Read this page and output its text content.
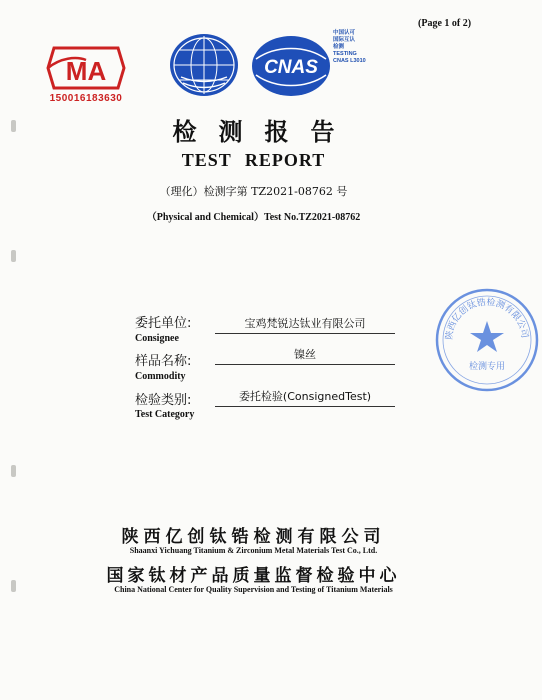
(Page 1 of 2)
MA
150016183630
CNAS
中国认可
国际互认
检测
TESTING
CNAS L3010
检测报告
TEST REPORT
（理化）检测字第 TZ2021-08762 号
（Physical and Chemical）Test No.TZ2021-08762
委托单位:	宝鸡梵锐达钛业有限公司
Consignee
样品名称:	镍丝
Commodity
检验类别:	委托检验(ConsignedTest)
Test Category
陕西亿创钛锆检测有限公司
检测专用
陕西亿创钛锆检测有限公司
Shaanxi Yichuang Titanium & Zirconium Metal Materials Test Co., Ltd.
国家钛材产品质量监督检验中心
China National Center for Quality Supervision and Testing of Titanium Materials
